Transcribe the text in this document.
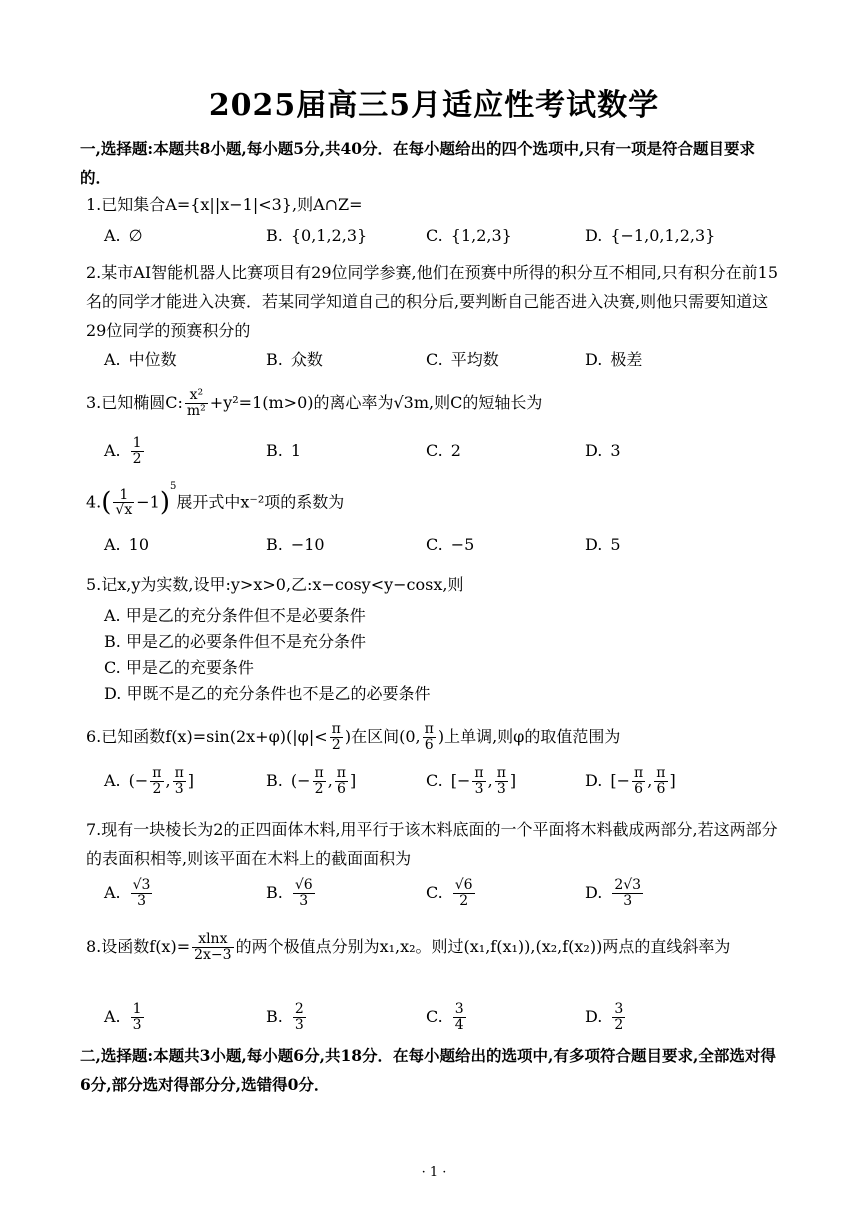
2025届高三5月适应性考试数学
一,选择题:本题共8小题,每小题5分,共40分．在每小题给出的四个选项中,只有一项是符合题目要求的．
1.已知集合A={x||x−1|<3},则A∩Z=
A. ∅	B. {0,1,2,3}	C. {1,2,3}	D. {−1,0,1,2,3}
2.某市AI智能机器人比赛项目有29位同学参赛,他们在预赛中所得的积分互不相同,只有积分在前15名的同学才能进入决赛．若某同学知道自己的积分后,要判断自己能否进入决赛,则他只需要知道这29位同学的预赛积分的
A. 中位数	B. 众数	C. 平均数	D. 极差
3.已知椭圆C: $\frac{\text{x²}}{\text{m²}} +y^2=1(m>0)$的离心率为√3m,则C的短轴长为
A. $\frac{1}{2}$	B. 1	C. 2	D. 3
$4.( \frac{1}{√x} -1)^5$展开式中x⁻²项的系数为
A. 10	B. −10	C. −5	D. 5
5.记x,y为实数,设甲:y>x>0,乙:x−cosy<y−cosx,则
A. 甲是乙的充分条件但不是必要条件
B. 甲是乙的必要条件但不是充分条件
C. 甲是乙的充要条件
D. 甲既不是乙的充分条件也不是乙的必要条件
6.已知函数$f(x)=\sin(2x+\varphi)(|\varphi|< \frac{\pi}{2}$ )在区间(0, $\frac{\pi}{6}$ )上单调,则φ的取值范围为
A. (− $\frac{\pi}{2}$ , $\frac{\pi}{3}$ ]	B. (− $\frac{\pi}{2}$ , $\frac{\pi}{6}$ ]	C. [− $\frac{\pi}{3}$ , $\frac{\pi}{3}$ ]	D. [− $\frac{\pi}{6}$ , $\frac{\pi}{6}$ ]
7.现有一块棱长为2的正四面体木料,用平行于该木料底面的一个平面将木料截成两部分,若这两部分的表面积相等,则该平面在木料上的截面面积为
A. $\frac{√3}{3}$	B. $\frac{√6}{3}$	C. $\frac{√6}{2}$	D. $\frac{2√3}{3}$
8.设函数$f(x)= \frac{xlnx}{2x-3}$ 的两个极值点分别为x₁,x₂。则过(x₁,f(x₁)),(x₂,f(x₂))两点的直线斜率为
A. $\frac{1}{3}$	B. $\frac{2}{3}$	C. $\frac{3}{4}$	D. $\frac{3}{2}$
二,选择题:本题共3小题,每小题6分,共18分．在每小题给出的选项中,有多项符合题目要求,全部选对得6分,部分选对得部分分,选错得0分．
· 1 ·
